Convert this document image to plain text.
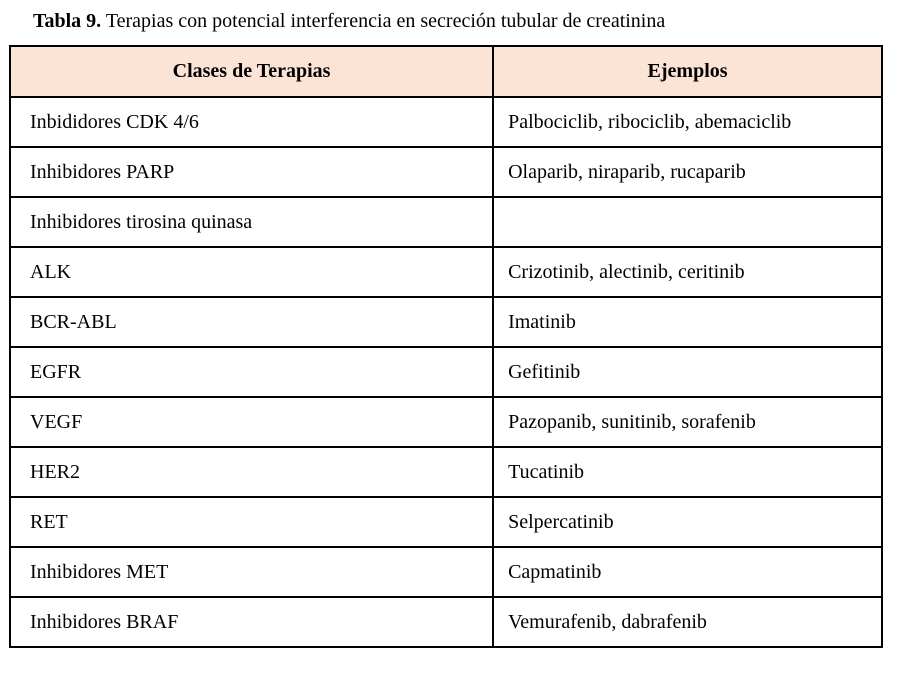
Tabla 9. Terapias con potencial interferencia en secreción tubular de creatinina
Clases de Terapias	Ejemplos
Inbididores CDK 4/6	Palbociclib, ribociclib, abemaciclib
Inhibidores PARP	Olaparib, niraparib, rucaparib
Inhibidores tirosina quinasa	
ALK	Crizotinib, alectinib, ceritinib
BCR-ABL	Imatinib
EGFR	Gefitinib
VEGF	Pazopanib, sunitinib, sorafenib
HER2	Tucatinib
RET	Selpercatinib
Inhibidores MET	Capmatinib
Inhibidores BRAF	Vemurafenib, dabrafenib
